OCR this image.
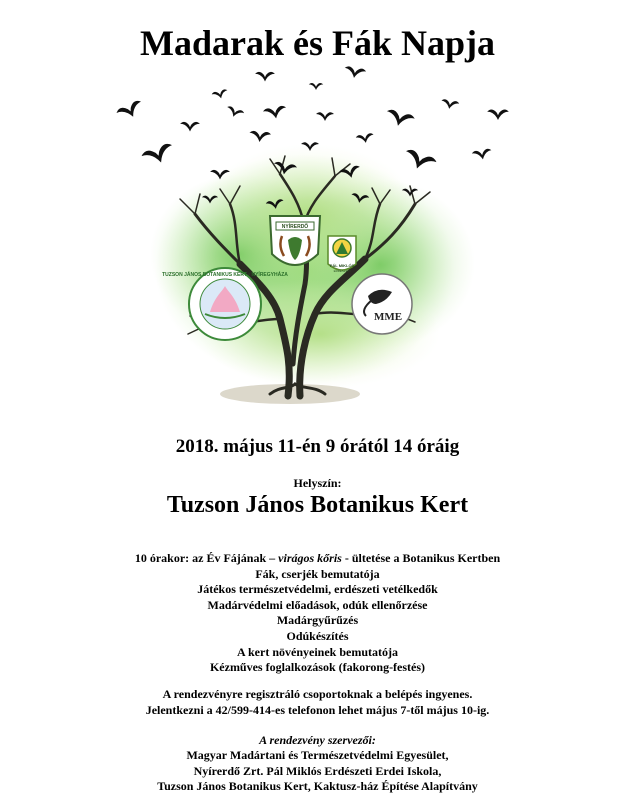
Madarak és Fák Napja
TUZSON JÁNOS BOTANIKUS KERT · NYÍREGYHÁZA
NYÍRERDŐ
PÁL MIKLÓS
ERDÉSZETI
MME
2018. május 11-én 9 órától 14 óráig
Helyszín:
Tuzson János Botanikus Kert
10 órakor: az Év Fájának – virágos kőris - ültetése a Botanikus Kertben
Fák, cserjék bemutatója
Játékos természetvédelmi, erdészeti vetélkedők
Madárvédelmi előadások, odúk ellenőrzése
Madárgyűrűzés
Odúkészítés
A kert növényeinek bemutatója
Kézműves foglalkozások (fakorong-festés)
A rendezvényre regisztráló csoportoknak a belépés ingyenes.
Jelentkezni a 42/599-414-es telefonon lehet május 7-től május 10-ig.
A rendezvény szervezői:
Magyar Madártani és Természetvédelmi Egyesület,
Nyírerdő Zrt. Pál Miklós Erdészeti Erdei Iskola,
Tuzson János Botanikus Kert, Kaktusz-ház Építése Alapítvány
